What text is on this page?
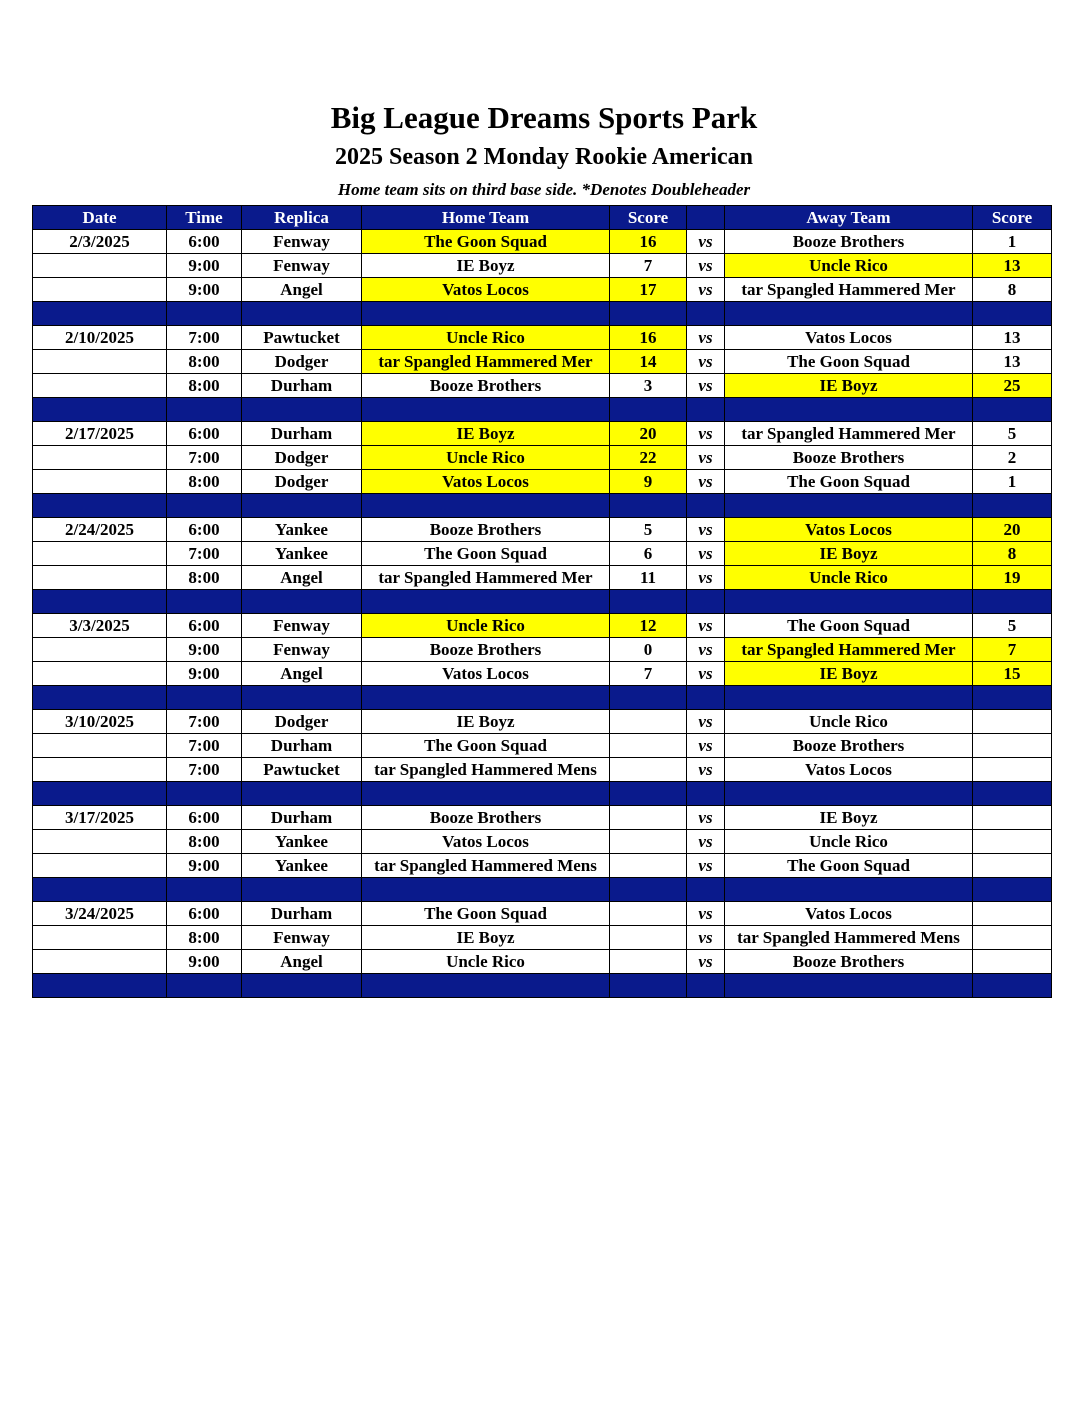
Big League Dreams Sports Park
2025 Season 2 Monday Rookie American
Home team sits on third base side. *Denotes Doubleheader
Date	Time	Replica	Home Team	Score		Away Team	Score
2/3/2025	6:00	Fenway	The Goon Squad	16	vs	Booze Brothers	1
	9:00	Fenway	IE Boyz	7	vs	Uncle Rico	13
	9:00	Angel	Vatos Locos	17	vs	tar Spangled Hammered Mer	8

2/10/2025	7:00	Pawtucket	Uncle Rico	16	vs	Vatos Locos	13
	8:00	Dodger	tar Spangled Hammered Mer	14	vs	The Goon Squad	13
	8:00	Durham	Booze Brothers	3	vs	IE Boyz	25

2/17/2025	6:00	Durham	IE Boyz	20	vs	tar Spangled Hammered Mer	5
	7:00	Dodger	Uncle Rico	22	vs	Booze Brothers	2
	8:00	Dodger	Vatos Locos	9	vs	The Goon Squad	1

2/24/2025	6:00	Yankee	Booze Brothers	5	vs	Vatos Locos	20
	7:00	Yankee	The Goon Squad	6	vs	IE Boyz	8
	8:00	Angel	tar Spangled Hammered Mer	11	vs	Uncle Rico	19

3/3/2025	6:00	Fenway	Uncle Rico	12	vs	The Goon Squad	5
	9:00	Fenway	Booze Brothers	0	vs	tar Spangled Hammered Mer	7
	9:00	Angel	Vatos Locos	7	vs	IE Boyz	15

3/10/2025	7:00	Dodger	IE Boyz		vs	Uncle Rico	
	7:00	Durham	The Goon Squad		vs	Booze Brothers	
	7:00	Pawtucket	tar Spangled Hammered Mens		vs	Vatos Locos	

3/17/2025	6:00	Durham	Booze Brothers		vs	IE Boyz	
	8:00	Yankee	Vatos Locos		vs	Uncle Rico	
	9:00	Yankee	tar Spangled Hammered Mens		vs	The Goon Squad	

3/24/2025	6:00	Durham	The Goon Squad		vs	Vatos Locos	
	8:00	Fenway	IE Boyz		vs	tar Spangled Hammered Mens	
	9:00	Angel	Uncle Rico		vs	Booze Brothers	
